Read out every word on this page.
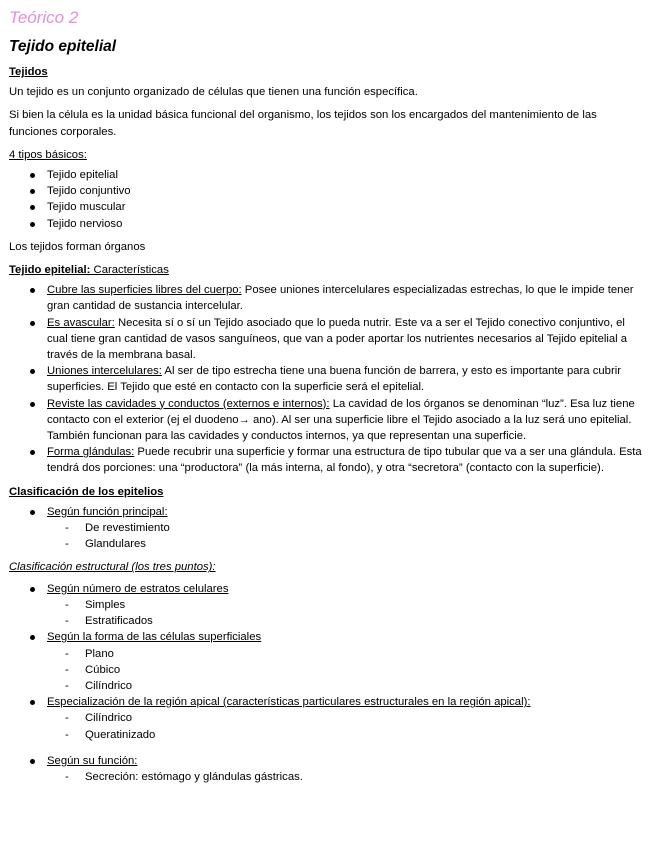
Teórico 2
Tejido epitelial
Tejidos

Un tejido es un conjunto organizado de células que tienen una función específica.

Si bien la célula es la unidad básica funcional del organismo, los tejidos son los encargados del mantenimiento de las funciones corporales.

4 tipos básicos:

Tejido epitelial
Tejido conjuntivo
Tejido muscular
Tejido nervioso

Los tejidos forman órganos

Tejido epitelial: Características
Cubre las superficies libres del cuerpo: Posee uniones intercelulares especializadas estrechas, lo que le impide tener gran cantidad de sustancia intercelular.
Es avascular: Necesita sí o sí un Tejido asociado que lo pueda nutrir. Este va a ser el Tejido conectivo conjuntivo, el cual tiene gran cantidad de vasos sanguíneos, que van a poder aportar los nutrientes necesarios al Tejido epitelial a través de la membrana basal.
Uniones intercelulares: Al ser de tipo estrecha tiene una buena función de barrera, y esto es importante para cubrir superficies. El Tejido que esté en contacto con la superficie será el epitelial.
Reviste las cavidades y conductos (externos e internos): La cavidad de los órganos se denominan “luz”. Esa luz tiene contacto con el exterior (ej el duodeno→ ano). Al ser una superficie libre el Tejido asociado a la luz será uno epitelial. También funcionan para las cavidades y conductos internos, ya que representan una superficie.
Forma glándulas: Puede recubrir una superficie y formar una estructura de tipo tubular que va a ser una glándula. Esta tendrá dos porciones: una “productora” (la más interna, al fondo), y otra “secretora” (contacto con la superficie).
Clasificación de los epitelios
Según función principal:
- De revestimiento
- Glandulares

Clasificación estructural (los tres puntos):

Según número de estratos celulares
- Simples
- Estratificados
Según la forma de las células superficiales
- Plano
- Cúbico
- Cilíndrico
Especialización de la región apical (características particulares estructurales en la región apical):
- Cilíndrico
- Queratinizado
Según su función:
- Secreción: estómago y glándulas gástricas.
